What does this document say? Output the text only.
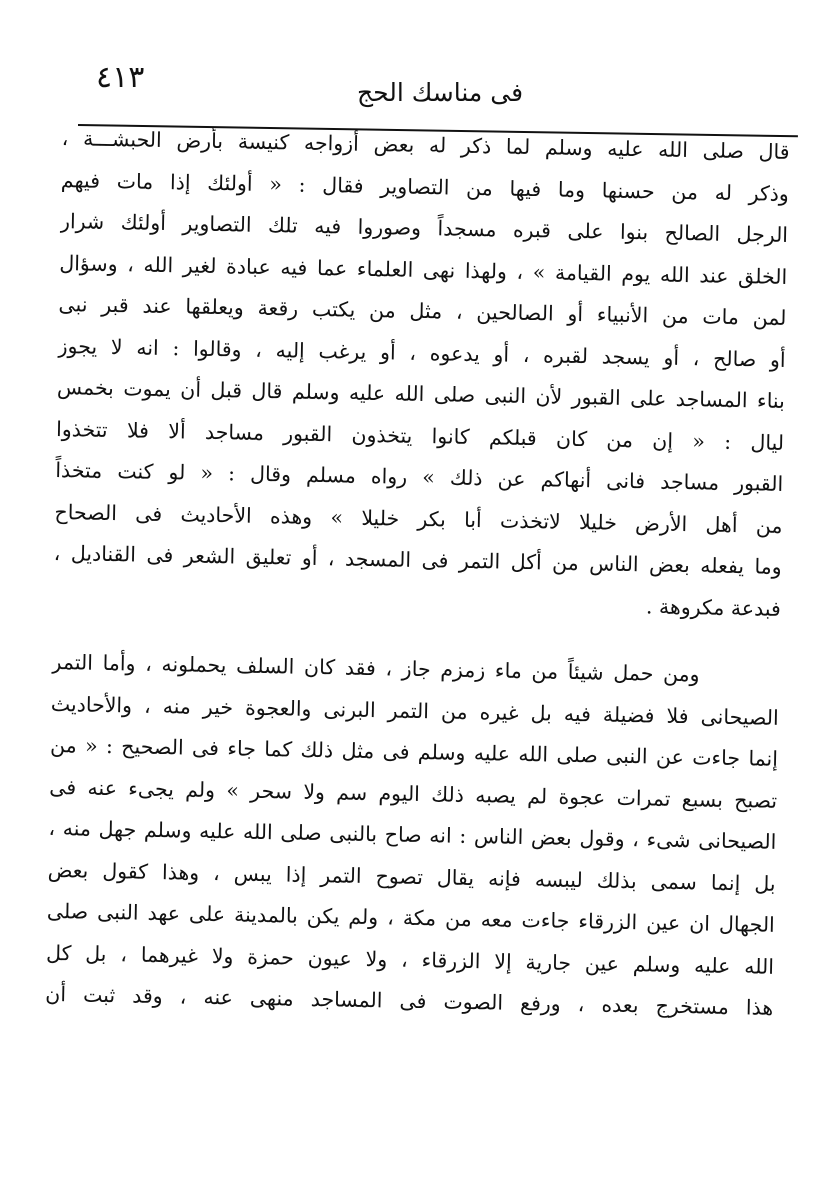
٤١٣	فى مناسك الحج
قال صلى الله عليه وسلم لما ذكر له بعض أزواجه كنيسة بأرض الحبشـــة ،
وذكر له من حسنها وما فيها من التصاوير فقال : « أولئك إذا مات فيهم
الرجل الصالح بنوا على قبره مسجداً وصوروا فيه تلك التصاوير أولئك شرار
الخلق عند الله يوم القيامة » ، ولهذا نهى العلماء عما فيه عبادة لغير الله ، وسؤال
لمن مات من الأنبياء أو الصالحين ، مثل من يكتب رقعة ويعلقها عند قبر نبى
أو صالح ، أو يسجد لقبره ، أو يدعوه ، أو يرغب إليه ، وقالوا : انه لا يجوز
بناء المساجد على القبور لأن النبى صلى الله عليه وسلم قال قبل أن يموت بخمس
ليال : « إن من كان قبلكم كانوا يتخذون القبور مساجد ألا فلا تتخذوا
القبور مساجد فانى أنهاكم عن ذلك » رواه مسلم وقال : « لو كنت متخذاً
من أهل الأرض خليلا لاتخذت أبا بكر خليلا » وهذه الأحاديث فى الصحاح
وما يفعله بعض الناس من أكل التمر فى المسجد ، أو تعليق الشعر فى القناديل ،
فبدعة مكروهة .
ومن حمل شيئاً من ماء زمزم جاز ، فقد كان السلف يحملونه ، وأما التمر
الصيحانى فلا فضيلة فيه بل غيره من التمر البرنى والعجوة خير منه ، والأحاديث
إنما جاءت عن النبى صلى الله عليه وسلم فى مثل ذلك كما جاء فى الصحيح : « من
تصبح بسبع تمرات عجوة لم يصبه ذلك اليوم سم ولا سحر » ولم يجىء عنه فى
الصيحانى شىء ، وقول بعض الناس : انه صاح بالنبى صلى الله عليه وسلم جهل منه ،
بل إنما سمى بذلك ليبسه فإنه يقال تصوح التمر إذا يبس ، وهذا كقول بعض
الجهال ان عين الزرقاء جاءت معه من مكة ، ولم يكن بالمدينة على عهد النبى صلى
الله عليه وسلم عين جارية إلا الزرقاء ، ولا عيون حمزة ولا غيرهما ، بل كل
هذا مستخرج بعده ، ورفع الصوت فى المساجد منهى عنه ، وقد ثبت أن
